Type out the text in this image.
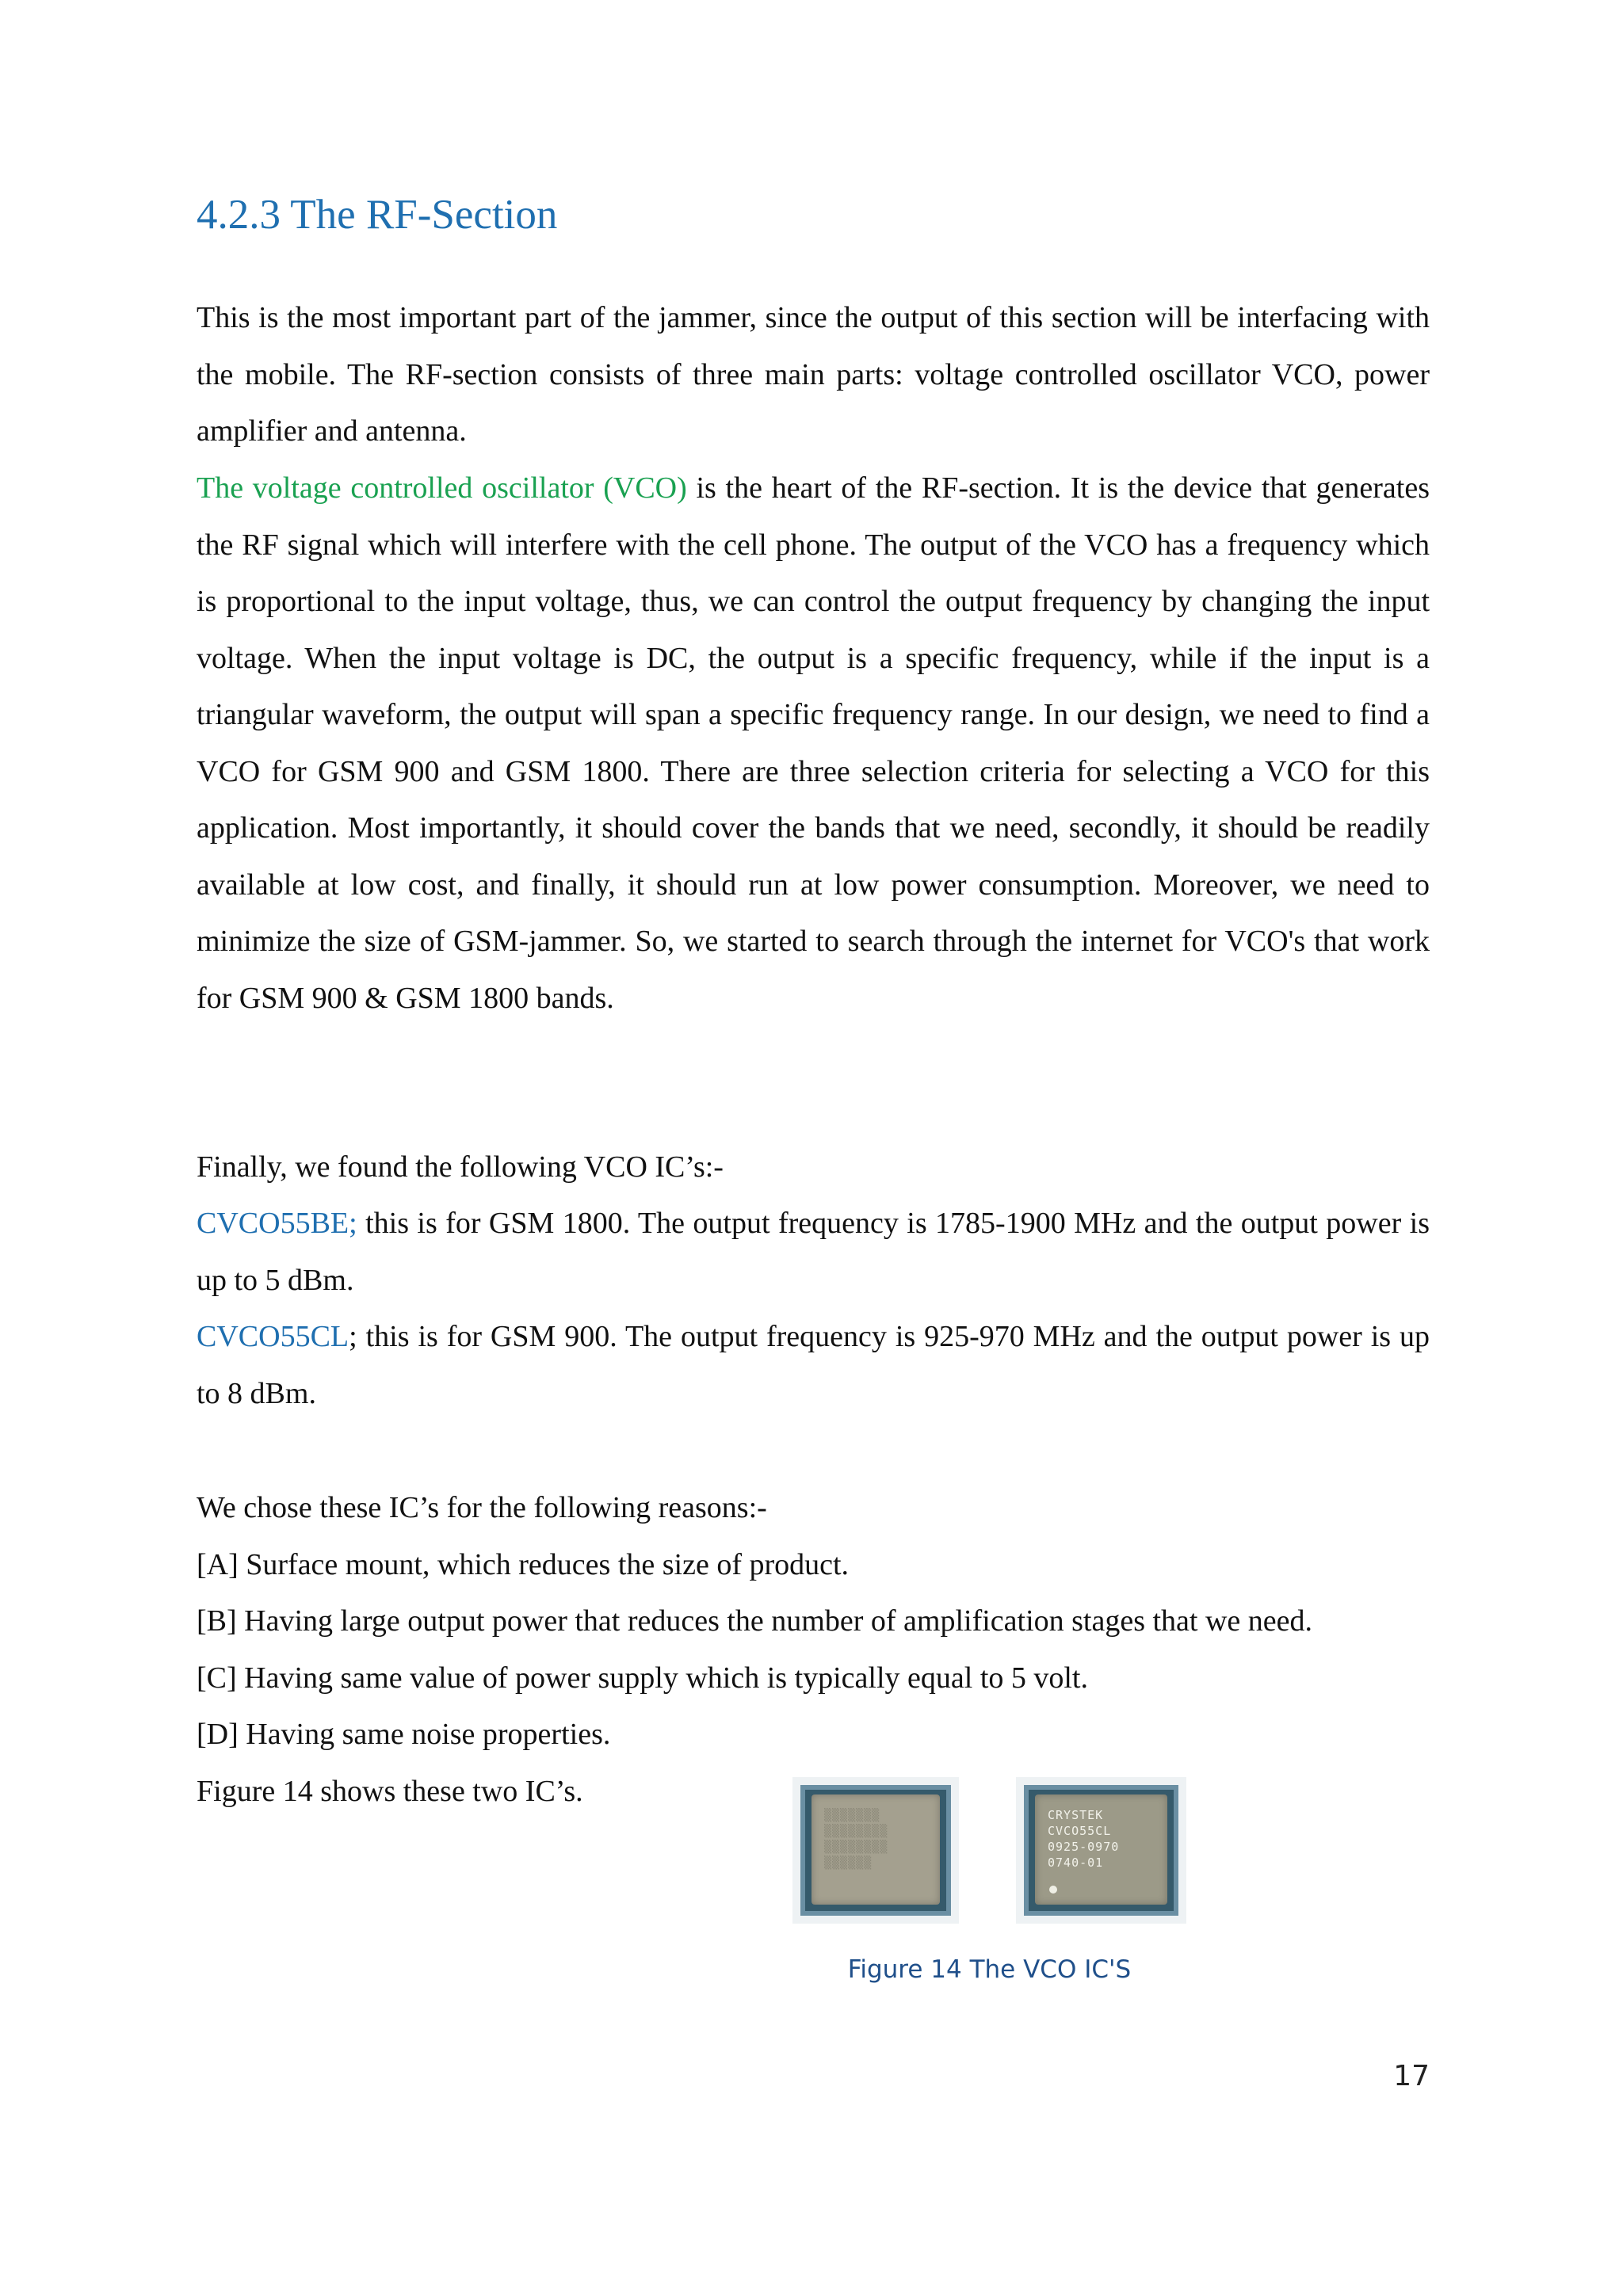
4.2.3 The RF-Section

This is the most important part of the jammer, since the output of this section will be interfacing with the mobile. The RF-section consists of three main parts: voltage controlled oscillator VCO, power amplifier and antenna.

The voltage controlled oscillator (VCO) is the heart of the RF-section. It is the device that generates the RF signal which will interfere with the cell phone. The output of the VCO has a frequency which is proportional to the input voltage, thus, we can control the output frequency by changing the input voltage. When the input voltage is DC, the output is a specific frequency, while if the input is a triangular waveform, the output will span a specific frequency range. In our design, we need to find a VCO for GSM 900 and GSM 1800. There are three selection criteria for selecting a VCO for this application. Most importantly, it should cover the bands that we need, secondly, it should be readily available at low cost, and finally, it should run at low power consumption. Moreover, we need to minimize the size of GSM-jammer. So, we started to search through the internet for VCO's that work for GSM 900 & GSM 1800 bands.

Finally, we found the following VCO IC’s:-

CVCO55BE; this is for GSM 1800. The output frequency is 1785-1900 MHz and the output power is up to 5 dBm.

CVCO55CL; this is for GSM 900. The output frequency is 925-970 MHz and the output power is up to 8 dBm.

We chose these IC’s for the following reasons:-
[A] Surface mount, which reduces the size of product.
[B] Having large output power that reduces the number of amplification stages that we need.
[C] Having same value of power supply which is typically equal to 5 volt.
[D] Having same noise properties.
Figure 14 shows these two IC’s.
▒▒▒▒▒▒▒
▒▒▒▒▒▒▒▒
▒▒▒▒▒▒▒▒
▒▒▒▒▒▒
CRYSTEK
CVCO55CL
0925-0970
0740-01

Figure 14 The VCO IC'S

17
